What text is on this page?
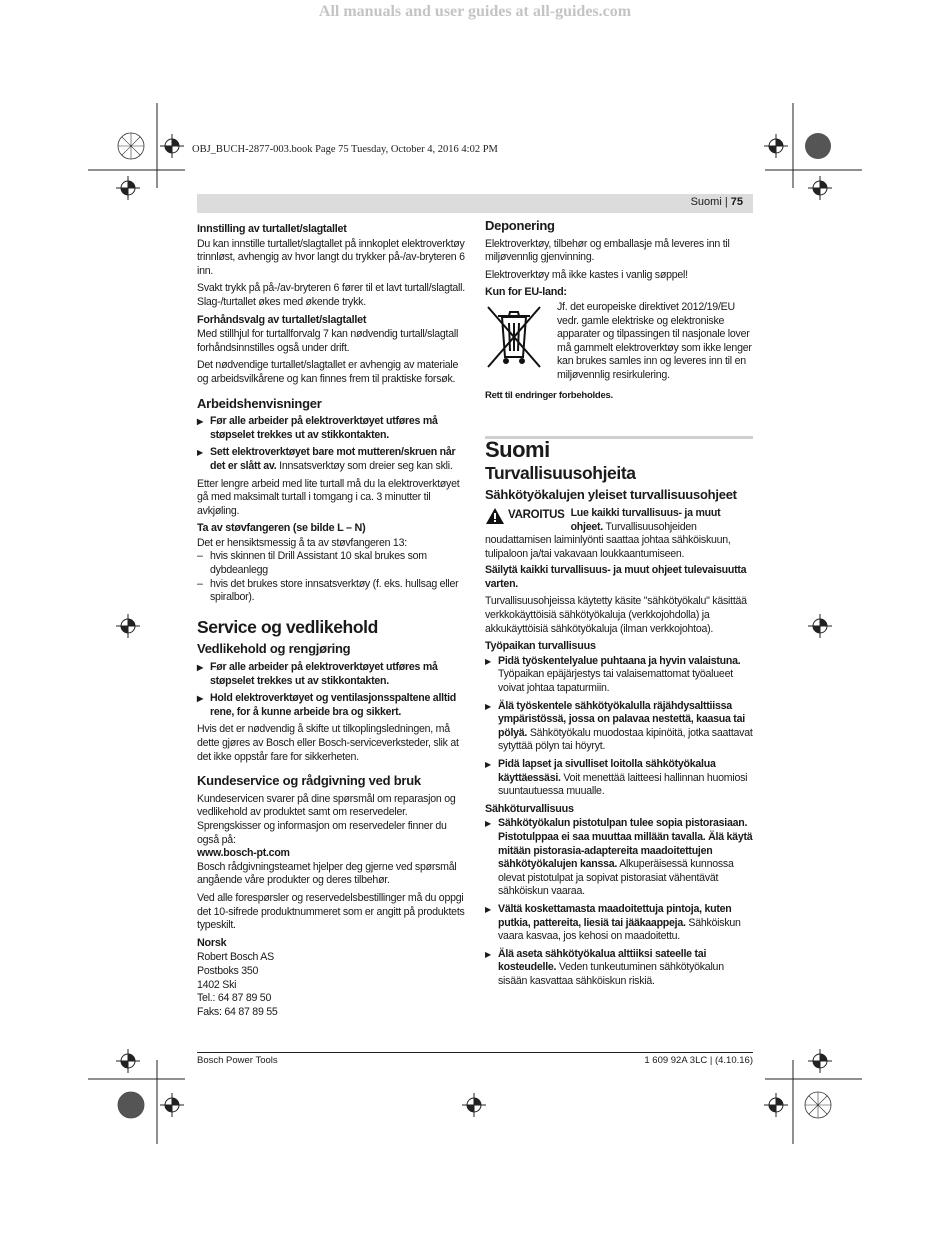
All manuals and user guides at all-guides.com
OBJ_BUCH-2877-003.book Page 75 Tuesday, October 4, 2016 4:02 PM
Suomi | 75
Innstilling av turtallet/slagtallet

Du kan innstille turtallet/slagtallet på innkoplet elektroverktøy trinnløst, avhengig av hvor langt du trykker på-/av-bryteren 6 inn.

Svakt trykk på på-/av-bryteren 6 fører til et lavt turtall/slagtall. Slag-/turtallet økes med økende trykk.

Forhåndsvalg av turtallet/slagtallet

Med stillhjul for turtallforvalg 7 kan nødvendig turtall/slagtall forhåndsinnstilles også under drift.

Det nødvendige turtallet/slagtallet er avhengig av materiale og arbeidsvilkårene og kan finnes frem til praktiske forsøk.

Arbeidshenvisninger
▶ Før alle arbeider på elektroverktøyet utføres må støpselet trekkes ut av stikkontakten.
▶ Sett elektroverktøyet bare mot mutteren/skruen når det er slått av. Innsatsverktøy som dreier seg kan skli.

Etter lengre arbeid med lite turtall må du la elektroverktøyet gå med maksimalt turtall i tomgang i ca. 3 minutter til avkjøling.

Ta av støvfangeren (se bilde L – N)

Det er hensiktsmessig å ta av støvfangeren 13:

– hvis skinnen til Drill Assistant 10 skal brukes som dybdeanlegg
– hvis det brukes store innsatsverktøy (f. eks. hullsag eller spiralbor).
Service og vedlikehold
Vedlikehold og rengjøring
▶ Før alle arbeider på elektroverktøyet utføres må støpselet trekkes ut av stikkontakten.
▶ Hold elektroverktøyet og ventilasjonsspaltene alltid rene, for å kunne arbeide bra og sikkert.

Hvis det er nødvendig å skifte ut tilkoplingsledningen, må dette gjøres av Bosch eller Bosch-serviceverksteder, slik at det ikke oppstår fare for sikkerheten.

Kundeservice og rådgivning ved bruk

Kundeservicen svarer på dine spørsmål om reparasjon og vedlikehold av produktet samt om reservedeler. Sprengskisser og informasjon om reservedeler finner du også på:

www.bosch-pt.com

Bosch rådgivningsteamet hjelper deg gjerne ved spørsmål angående våre produkter og deres tilbehør.

Ved alle forespørsler og reservedelsbestillinger må du oppgi det 10-sifrede produktnummeret som er angitt på produktets typeskilt.

Norsk
Robert Bosch AS
Postboks 350
1402 Ski
Tel.: 64 87 89 50
Faks: 64 87 89 55
Deponering

Elektroverktøy, tilbehør og emballasje må leveres inn til miljøvennlig gjenvinning.

Elektroverktøy må ikke kastes i vanlig søppel!

Kun for EU-land:

Jf. det europeiske direktivet 2012/19/EU vedr. gamle elektriske og elektroniske apparater og tilpassingen til nasjonale lover må gammelt elektroverktøy som ikke lenger kan brukes samles inn og leveres inn til en miljøvennlig resirkulering.

Rett til endringer forbeholdes.

Suomi
Turvallisuusohjeita
Sähkötyökalujen yleiset turvallisuusohjeet
VAROITUS Lue kaikki turvallisuus- ja muut ohjeet. Turvallisuusohjeiden noudattamisen laiminlyönti saattaa johtaa sähköiskuun, tulipaloon ja/tai vakavaan loukkaantumiseen.

Säilytä kaikki turvallisuus- ja muut ohjeet tulevaisuutta varten.

Turvallisuusohjeissa käytetty käsite "sähkötyökalu" käsittää verkkokäyttöisiä sähkötyökaluja (verkkojohdolla) ja akkukäyttöisiä sähkötyökaluja (ilman verkkojohtoa).

Työpaikan turvallisuus
▶ Pidä työskentelyalue puhtaana ja hyvin valaistuna. Työpaikan epäjärjestys tai valaisemattomat työalueet voivat johtaa tapaturmiin.
▶ Älä työskentele sähkötyökalulla räjähdysalttiissa ympäristössä, jossa on palavaa nestettä, kaasua tai pölyä. Sähkötyökalu muodostaa kipinöitä, jotka saattavat sytyttää pölyn tai höyryt.
▶ Pidä lapset ja sivulliset loitolla sähkötyökalua käyttäessäsi. Voit menettää laitteesi hallinnan huomiosi suuntautuessa muualle.
Sähköturvallisuus
▶ Sähkötyökalun pistotulpan tulee sopia pistorasiaan. Pistotulppaa ei saa muuttaa millään tavalla. Älä käytä mitään pistorasia-adaptereita maadoitettujen sähkötyökalujen kanssa. Alkuperäisessä kunnossa olevat pistotulpat ja sopivat pistorasiat vähentävät sähköiskun vaaraa.
▶ Vältä koskettamasta maadoitettuja pintoja, kuten putkia, pattereita, liesiä tai jääkaappeja. Sähköiskun vaara kasvaa, jos kehosi on maadoitettu.
▶ Älä aseta sähkötyökalua alttiiksi sateelle tai kosteudelle. Veden tunkeutuminen sähkötyökalun sisään kasvattaa sähköiskun riskiä.
Bosch Power Tools	1 609 92A 3LC | (4.10.16)
